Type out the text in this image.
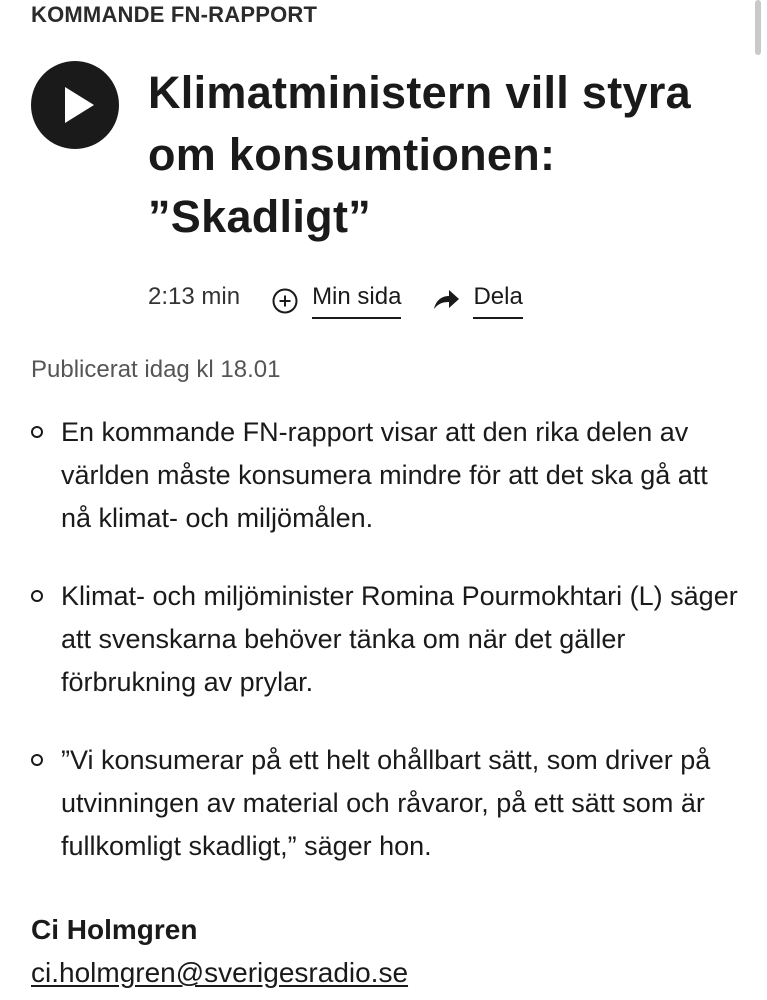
KOMMANDE FN-RAPPORT
Klimatministern vill styra om konsumtionen: ”Skadligt”
2:13 min	Min sida	Dela
Publicerat idag kl 18.01
En kommande FN-rapport visar att den rika delen av världen måste konsumera mindre för att det ska gå att nå klimat- och miljömålen.
Klimat- och miljöminister Romina Pourmokhtari (L) säger att svenskarna behöver tänka om när det gäller förbrukning av prylar.
”Vi konsumerar på ett helt ohållbart sätt, som driver på utvinningen av material och råvaror, på ett sätt som är fullkomligt skadligt,” säger hon.
Ci Holmgren
ci.holmgren@sverigesradio.se
